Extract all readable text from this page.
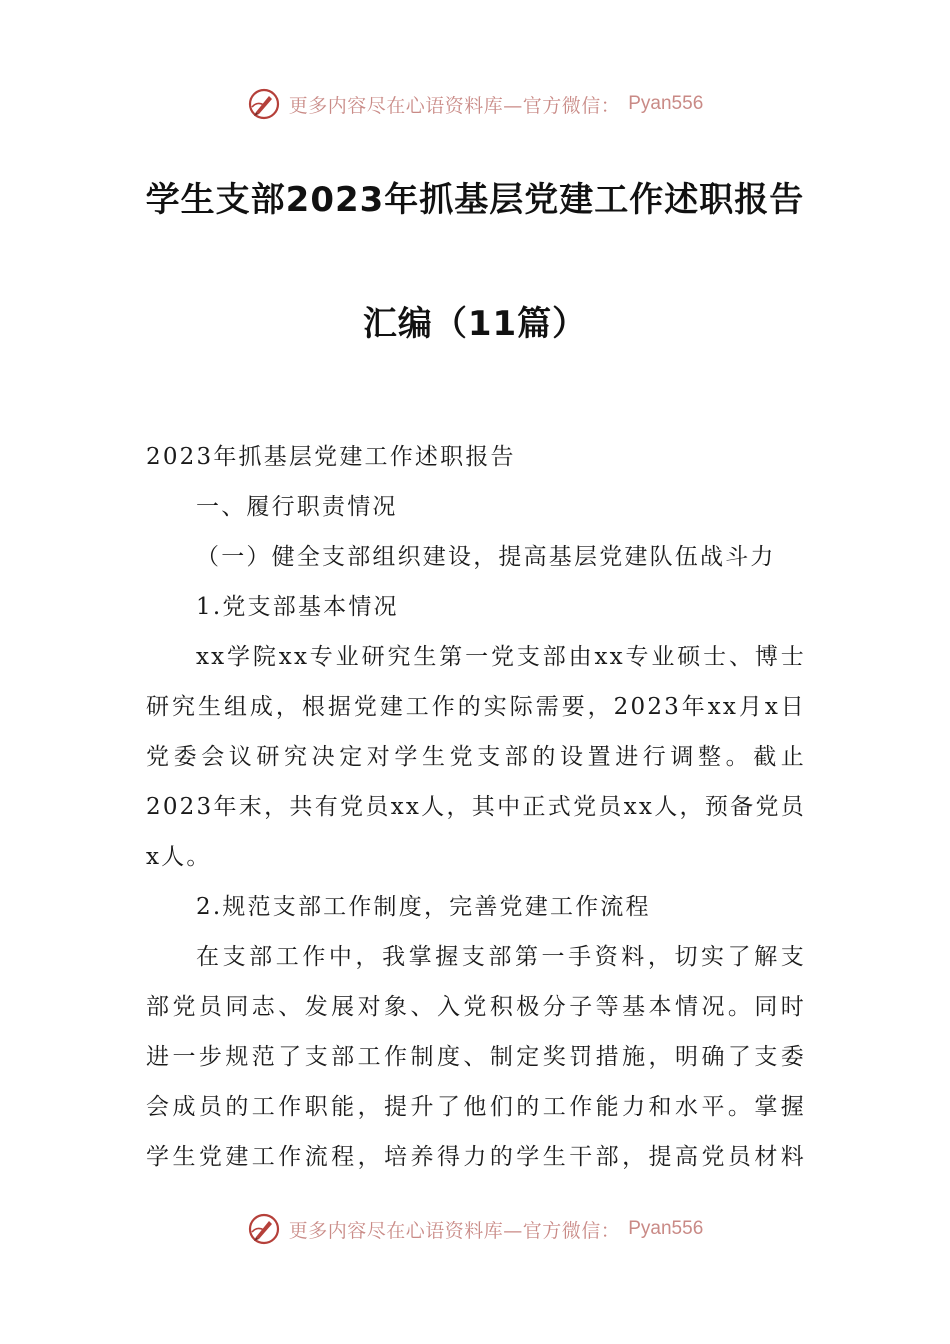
更多内容尽在心语资料库—官方微信： Pyan556
学生支部2023年抓基层党建工作述职报告
汇编（11篇）
2023年抓基层党建工作述职报告
一、履行职责情况
（一）健全支部组织建设，提高基层党建队伍战斗力
1.党支部基本情况
xx学院xx专业研究生第一党支部由xx专业硕士、博士
研究生组成，根据党建工作的实际需要，2023年xx月x日
党委会议研究决定对学生党支部的设置进行调整。截止
2023年末，共有党员xx人，其中正式党员xx人，预备党员
x人。
2.规范支部工作制度，完善党建工作流程
在支部工作中，我掌握支部第一手资料，切实了解支
部党员同志、发展对象、入党积极分子等基本情况。同时
进一步规范了支部工作制度、制定奖罚措施，明确了支委
会成员的工作职能，提升了他们的工作能力和水平。掌握
学生党建工作流程，培养得力的学生干部，提高党员材料
更多内容尽在心语资料库—官方微信： Pyan556
